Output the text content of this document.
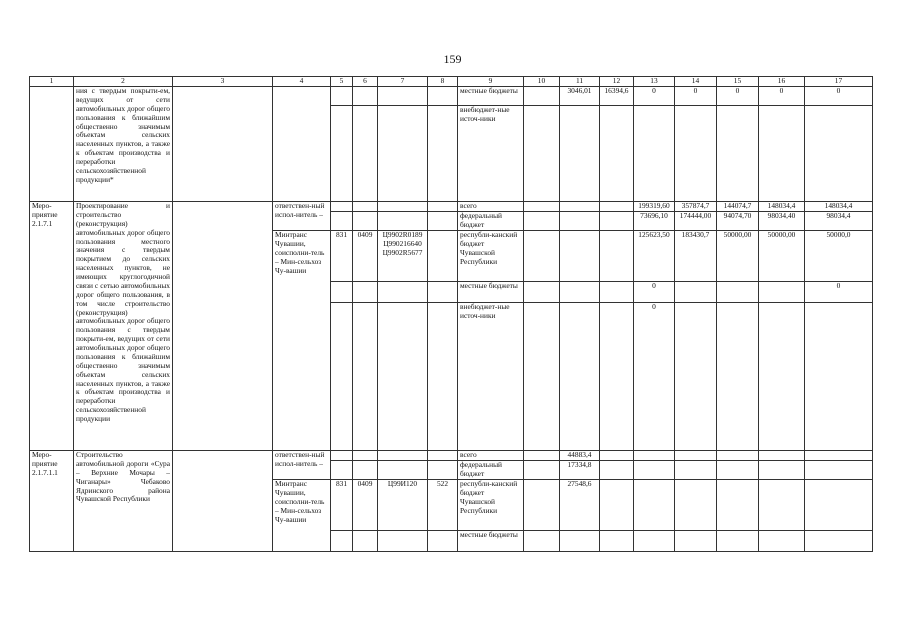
159
1	2	3	4	5	6	7	8	9	10	11	12	13	14	15	16	17
	ния с твердым покрыти-ем, ведущих от сети автомобильных дорог общего пользования к ближайшим общественно значимым объектам сельских населенных пунктов, а также к объектам производства и переработки сельскохозяйственной продукции*							местные бюджеты		3046,01	16394,6	0	0	0	0	0
								внебюджет-ные источ-ники								
Меро-приятие 2.1.7.1	Проектирование и строительство (реконструкция) автомобильных дорог общего пользования местного значения с твердым покрытием до сельских населенных пунктов, не имеющих круглогодичной связи с сетью автомобильных дорог общего пользования, в том числе строительство (реконструкция) автомобильных дорог общего пользования с твердым покрыти-ем, ведущих от сети автомобильных дорог общего пользования к ближайшим общественно значимым объектам сельских населенных пунктов, а также к объектам производства и переработки сельскохозяйственной продукции		ответствен-ный испол-нитель –					всего				199319,60	357874,7	144074,7	148034,4	148034,4
								федеральный бюджет				73696,10	174444,00	94074,70	98034,40	98034,4
			Минтранс Чувашии, соисполни-тель – Мин-сельхоз Чу-вашии	831	0409	Ц9902R0189
Ц990216640
Ц9902R5677		республи-канский бюджет Чувашской Республики				125623,50	183430,7	50000,00	50000,00	50000,0
								местные бюджеты				0				0
								внебюджет-ные источ-ники				0				
Меро-приятие 2.1.7.1.1	Строительство автомобильной дороги «Сура – Верхние Мочары – Чиганары» Чебаково Ядринского района Чувашской Республики		ответствен-ный испол-нитель –					всего		44883,4						
								федеральный бюджет		17334,8						
			Минтранс Чувашии, соисполни-тель – Мин-сельхоз Чу-вашии	831	0409	Ц99И120	522	республи-канский бюджет Чувашской Республики		27548,6						
								местные бюджеты								
